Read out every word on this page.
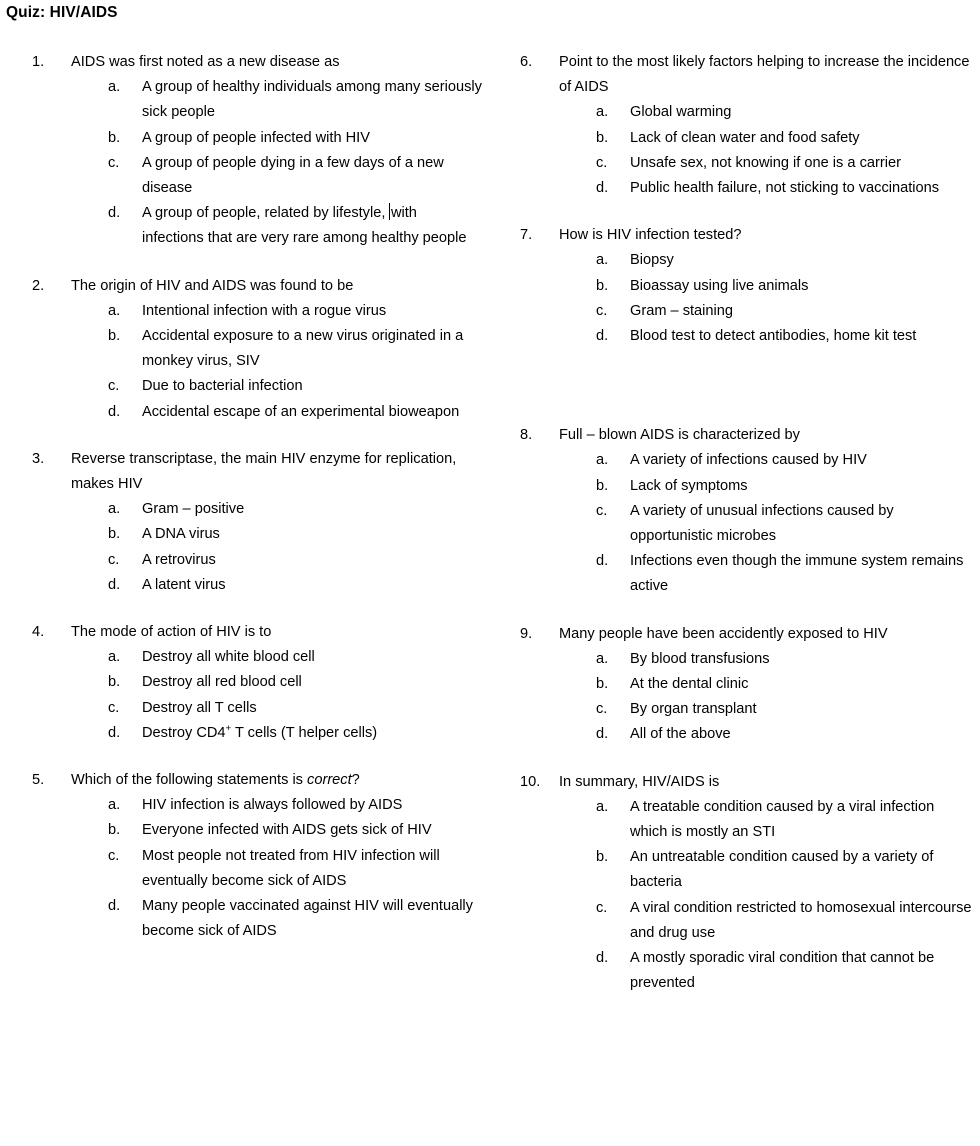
Quiz: HIV/AIDS
1.	AIDS was first noted as a new disease as
a.	A group of healthy individuals among many seriously sick people
b.	A group of people infected with HIV
c.	A group of people dying in a few days of a new disease
d.	A group of people, related by lifestyle, with infections that are very rare among healthy people
2.	The origin of HIV and AIDS was found to be
a.	Intentional infection with a rogue virus
b.	Accidental exposure to a new virus originated in a monkey virus, SIV
c.	Due to bacterial infection
d.	Accidental escape of an experimental bioweapon
3.	Reverse transcriptase, the main HIV enzyme for replication, makes HIV
a.	Gram – positive
b.	A DNA virus
c.	A retrovirus
d.	A latent virus
4.	The mode of action of HIV is to
a.	Destroy all white blood cell
b.	Destroy all red blood cell
c.	Destroy all T cells
d.	Destroy CD4+ T cells (T helper cells)
5.	Which of the following statements is correct?
a.	HIV infection is always followed by AIDS
b.	Everyone infected with AIDS gets sick of HIV
c.	Most people not treated from HIV infection will eventually become sick of AIDS
d.	Many people vaccinated against HIV will eventually become sick of AIDS
6.	Point to the most likely factors helping to increase the incidence of AIDS
a.	Global warming
b.	Lack of clean water and food safety
c.	Unsafe sex, not knowing if one is a carrier
d.	Public health failure, not sticking to vaccinations
7.	How is HIV infection tested?
a.	Biopsy
b.	Bioassay using live animals
c.	Gram – staining
d.	Blood test to detect antibodies, home kit test
8.	Full – blown AIDS is characterized by
a.	A variety of infections caused by HIV
b.	Lack of symptoms
c.	A variety of unusual infections caused by opportunistic microbes
d.	Infections even though the immune system remains active
9.	Many people have been accidently exposed to HIV
a.	By blood transfusions
b.	At the dental clinic
c.	By organ transplant
d.	All of the above
10.	In summary, HIV/AIDS is
a.	A treatable condition caused by a viral infection which is mostly an STI
b.	An untreatable condition caused by a variety of bacteria
c.	A viral condition restricted to homosexual intercourse and drug use
d.	A mostly sporadic viral condition that cannot be prevented
